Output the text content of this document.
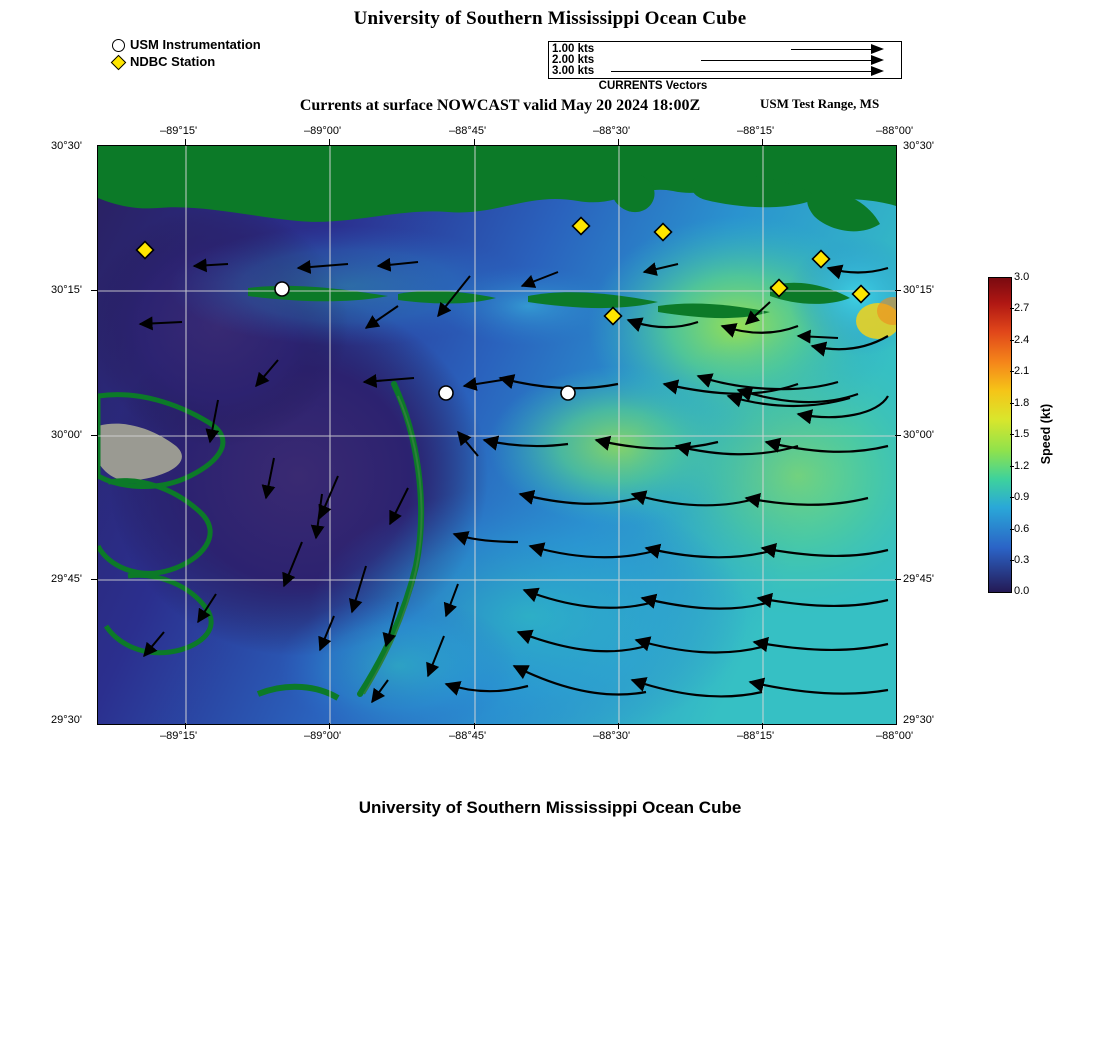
University of Southern Mississippi Ocean Cube
Currents at surface NOWCAST valid May 20 2024 18:00Z	USM Test Range, MS
University of Southern Mississippi Ocean Cube
USM Instrumentation
NDBC Station
1.00 kts
2.00 kts
3.00 kts
CURRENTS Vectors
–89°15'	–89°00'	–88°45'	–88°30'	–88°15'	–88°00'
–89°15'	–89°00'	–88°45'	–88°30'	–88°15'	–88°00'
30°30'
30°15'
30°00'
29°45'
29°30'
30°30'
30°15'
30°00'
29°45'
29°30'
3.0
2.7
2.4
2.1
1.8
1.5
1.2
0.9
0.6
0.3
0.0
Speed (kt)
